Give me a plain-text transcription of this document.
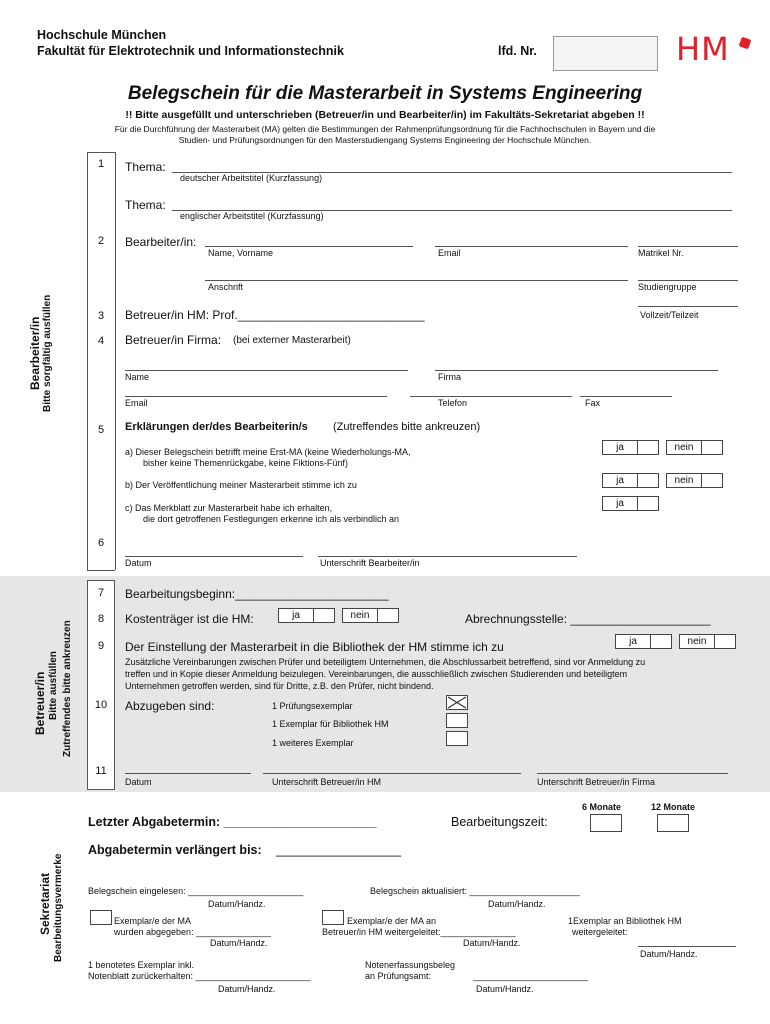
Hochschule München
Fakultät für Elektrotechnik und Informationstechnik	lfd. Nr.	HM
Belegschein für die Masterarbeit in Systems Engineering
!! Bitte ausgefüllt und unterschrieben (Betreuer/in und Bearbeiter/in) im Fakultäts-Sekretariat abgeben !!
Für die Durchführung der Masterarbeit (MA) gelten die Bestimmungen der Rahmenprüfungsordnung für die Fachhochschulen in Bayern und die
Studien- und Prüfungsordnungen für den Masterstudiengang Systems Engineering der Hochschule München.
Bearbeiter/in Bitte sorgfältig ausfüllen
1
2
3
4
5
6
Thema:
deutscher Arbeitstitel (Kurzfassung)
Thema:
englischer Arbeitstitel (Kurzfassung)
Bearbeiter/in:
Name, Vorname	Email	Matrikel Nr.
Anschrift	Studiengruppe
Betreuer/in HM: Prof.____________________________	Vollzeit/Teilzeit
Betreuer/in Firma: (bei externer Masterarbeit)
Name	Firma
Email	Telefon	Fax
Erklärungen der/des Bearbeiterin/s (Zutreffendes bitte ankreuzen)
a) Dieser Belegschein betrifft meine Erst-MA (keine Wiederholungs-MA,
bisher keine Themenrückgabe, keine Fiktions-Fünf)
ja	nein
b) Der Veröffentlichung meiner Masterarbeit stimme ich zu	ja	nein
c) Das Merkblatt zur Masterarbeit habe ich erhalten,
die dort getroffenen Festlegungen erkenne ich als verbindlich an
ja
Datum	Unterschrift Bearbeiter/in
Betreuer/in Bitte ausfüllen Zutreffendes bitte ankreuzen
7
8
9
10
11
Bearbeitungsbeginn:_______________________
Kostenträger ist die HM:	ja	nein	Abrechnungsstelle: _____________________
Der Einstellung der Masterarbeit in die Bibliothek der HM stimme ich zu	ja	nein
Zusätzliche Vereinbarungen zwischen Prüfer und beteiligtem Unternehmen, die Abschlussarbeit betreffend, sind vor Anmeldung zu
treffen und in Kopie dieser Anmeldung beizulegen. Vereinbarungen, die ausschließlich zwischen Studierenden und beteiligtem
Unternehmen getroffen werden, sind für Dritte, z.B. den Prüfer, nicht bindend.
Abzugeben sind:	1 Prüfungsexemplar
1 Exemplar für Bibliothek HM
1 weiteres Exemplar
Datum	Unterschrift Betreuer/in HM	Unterschrift Betreuer/in Firma
Sekretariat Bearbeitungsvermerke
Letzter Abgabetermin: ______________________	Bearbeitungszeit:
6 Monate	12 Monate
Abgabetermin verlängert bis: __________________
Belegschein eingelesen: _______________________
Datum/Handz.
Belegschein aktualisiert: ______________________
Datum/Handz.
Exemplar/e der MA
wurden abgegeben: _______________
Datum/Handz.
Exemplar/e der MA an
Betreuer/in HM weitergeleitet:_______________
Datum/Handz.
1Exemplar an Bibliothek HM
weitergeleitet:
Datum/Handz.
1 benotetes Exemplar inkl.
Notenblatt zurückerhalten: _______________________
Datum/Handz.
Notenerfassungsbeleg
an Prüfungsamt:	_______________________
Datum/Handz.
